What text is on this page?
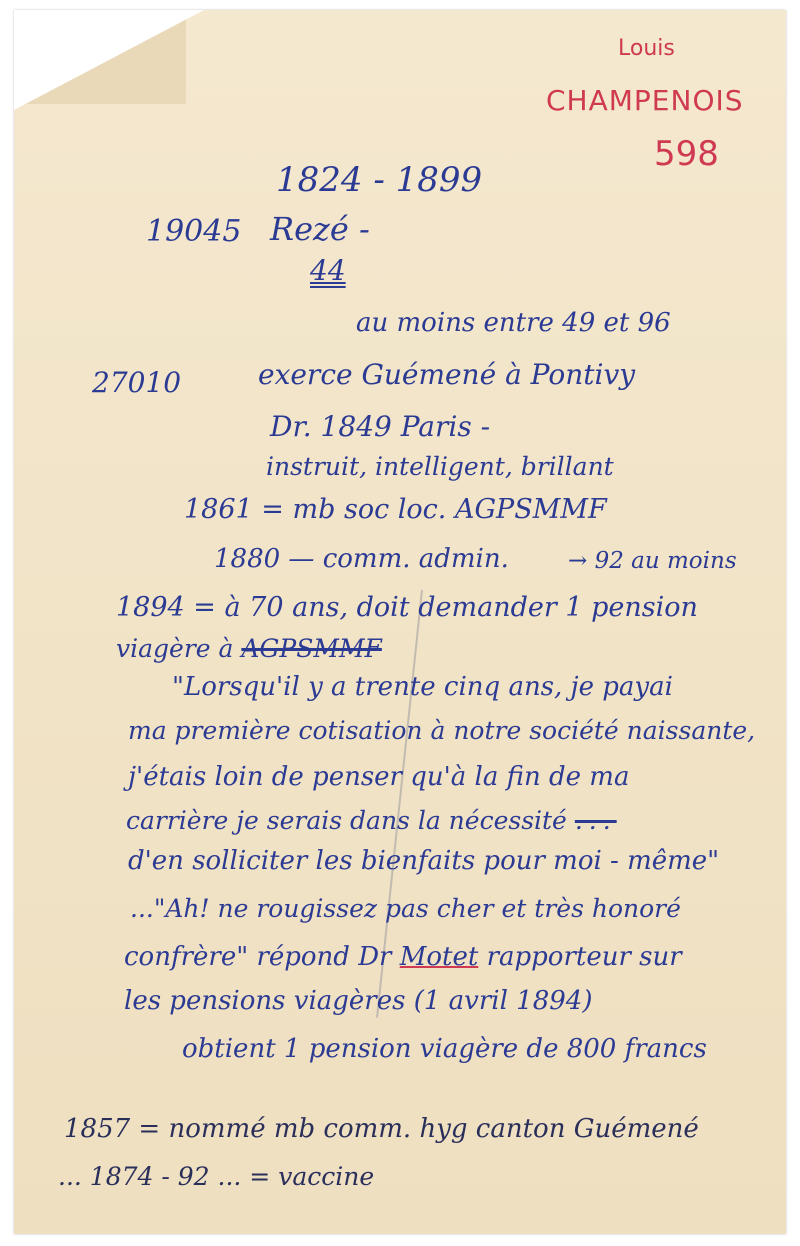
Louis
CHAMPENOIS
598
1824 - 1899
19045 Rezé -
44
au moins entre 49 et 96
27010	exerce Guémené à Pontivy
Dr. 1849 Paris -
instruit, intelligent, brillant
1861 = mb soc loc. AGPSMMF
1880 — comm. admin.	→ 92 au moins
1894 = à 70 ans, doit demander 1 pension
viagère à AGPSMMF
"Lorsqu'il y a trente cinq ans, je payai
ma première cotisation à notre société naissante,
j'étais loin de penser qu'à la fin de ma
carrière je serais dans la nécessité ...
d'en solliciter les bienfaits pour moi - même"
..."Ah! ne rougissez pas cher et très honoré
confrère" répond Dr Motet rapporteur sur
les pensions viagères (1 avril 1894)
obtient 1 pension viagère de 800 francs
1857 = nommé mb comm. hyg canton Guémené
... 1874 - 92 ... = vaccine
